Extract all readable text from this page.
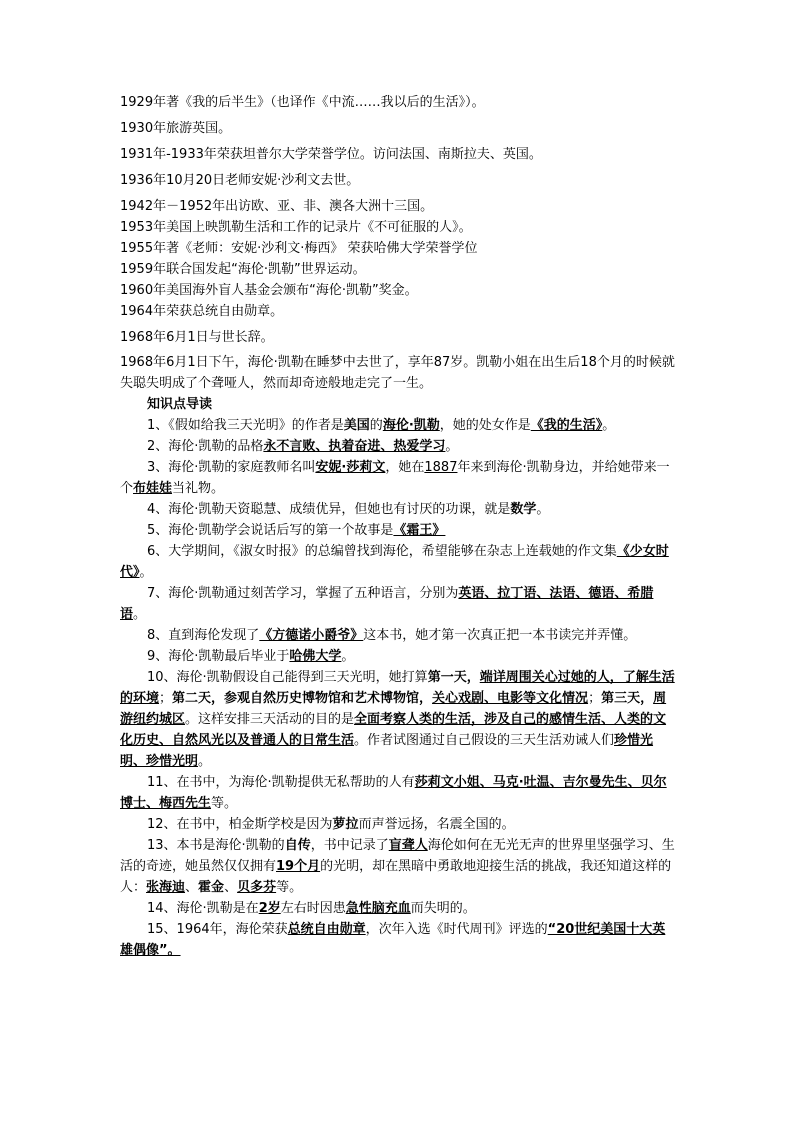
1929年著《我的后半生》（也译作《中流……我以后的生活》）。

1930年旅游英国。

1931年-1933年荣获坦普尔大学荣誉学位。访问法国、南斯拉夫、英国。

1936年10月20日老师安妮·沙利文去世。

1942年－1952年出访欧、亚、非、澳各大洲十三国。

1953年美国上映凯勒生活和工作的记录片《不可征服的人》。

1955年著《老师：安妮·沙利文·梅西》 荣获哈佛大学荣誉学位

1959年联合国发起“海伦·凯勒”世界运动。

1960年美国海外盲人基金会颁布“海伦·凯勒”奖金。

1964年荣获总统自由勋章。

1968年6月1日与世长辞。

1968年6月1日下午，海伦·凯勒在睡梦中去世了，享年87岁。凯勒小姐在出生后18个月的时候就失聪失明成了个聋哑人，然而却奇迹般地走完了一生。

知识点导读

1、《假如给我三天光明》的作者是美国的海伦·凯勒，她的处女作是《我的生活》。

2、海伦·凯勒的品格永不言败、执着奋进、热爱学习。

3、海伦·凯勒的家庭教师名叫安妮·莎莉文，她在1887年来到海伦·凯勒身边，并给她带来一个布娃娃当礼物。

4、海伦·凯勒天资聪慧、成绩优异，但她也有讨厌的功课，就是数学。

5、海伦·凯勒学会说话后写的第一个故事是《霜王》

6、大学期间，《淑女时报》的总编曾找到海伦，希望能够在杂志上连载她的作文集《少女时代》。

7、海伦·凯勒通过刻苦学习，掌握了五种语言，分别为英语、拉丁语、法语、德语、希腊语。

8、直到海伦发现了《方德诺小爵爷》这本书，她才第一次真正把一本书读完并弄懂。

9、海伦·凯勒最后毕业于哈佛大学。

10、海伦·凯勒假设自己能得到三天光明，她打算第一天，端详周围关心过她的人，了解生活的环境；第二天，参观自然历史博物馆和艺术博物馆，关心戏剧、电影等文化情况；第三天，周游纽约城区。这样安排三天活动的目的是全面考察人类的生活，涉及自己的感情生活、人类的文化历史、自然风光以及普通人的日常生活。作者试图通过自己假设的三天生活劝诫人们珍惜光明、珍惜光明。

11、在书中，为海伦·凯勒提供无私帮助的人有莎莉文小姐、马克·吐温、吉尔曼先生、贝尔博士、梅西先生等。

12、在书中，柏金斯学校是因为萝拉而声誉远扬，名震全国的。

13、本书是海伦·凯勒的自传，书中记录了盲聋人海伦如何在无光无声的世界里坚强学习、生活的奇迹，她虽然仅仅拥有19个月的光明，却在黑暗中勇敢地迎接生活的挑战，我还知道这样的人：张海迪、霍金、贝多芬等。

14、海伦·凯勒是在2岁左右时因患急性脑充血而失明的。

15、1964年，海伦荣获总统自由勋章，次年入选《时代周刊》评选的“20世纪美国十大英雄偶像”。
